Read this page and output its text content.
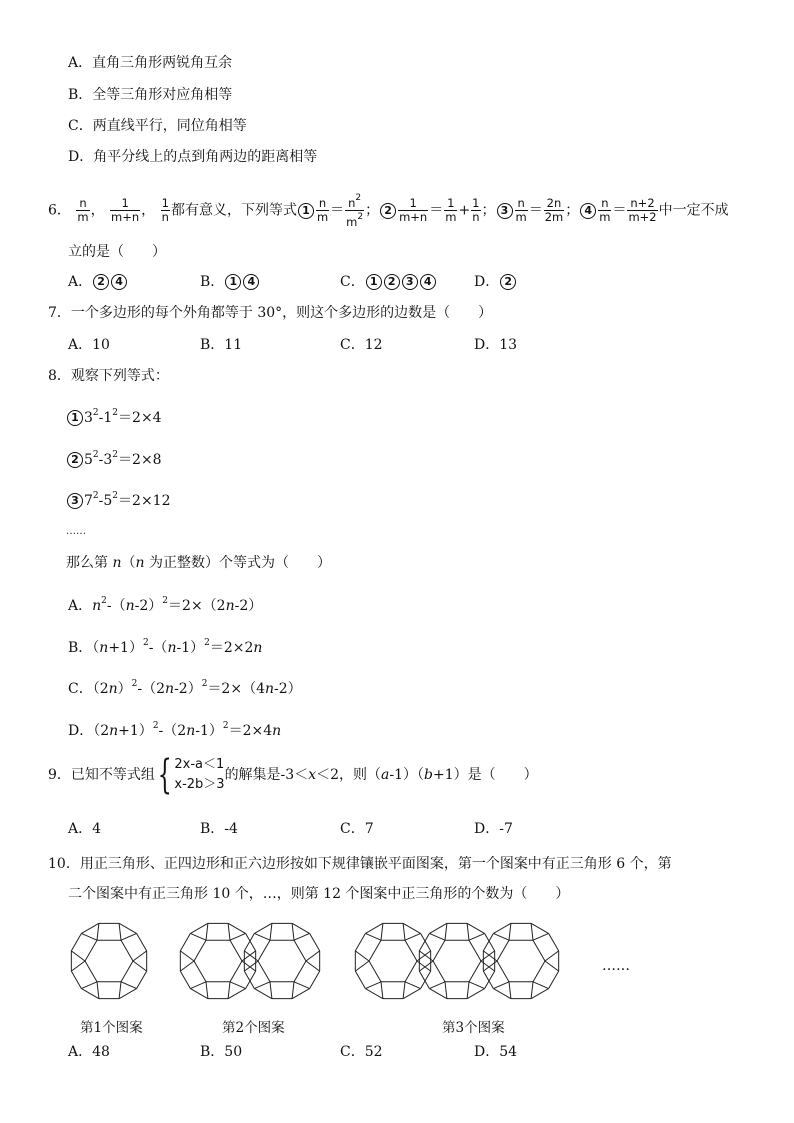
A．直角三角形两锐角互余
B．全等三角形对应角相等
C．两直线平行，同位角相等
D．角平分线上的点到角两边的距离相等
6． $\frac{n}{m}$ ， $\frac{1}{m+n}$ ， $\frac{1}{n}$ 都有意义，下列等式 $1 \frac{n}{m} = \frac{n^2}{m^2}$ ； $2 \frac{1}{m+n} = \frac{1}{m} + \frac{1}{n}$ ； $3 \frac{n}{m} = \frac{2n}{2m}$ ； $4 \frac{n}{m} = \frac{n+2}{m+2}$ 中一定不成
立的是（　　）
A． 2 4	B． 1 4	C． 1 2 3 4	D． 2
7．一个多边形的每个外角都等于 30°，则这个多边形的边数是（　　）
A．10	B．11	C．12	D．13
8．观察下列等式：
1 $3^2-1^2=2\times 4$
2 $5^2-3^2=2\times 8$
3 $7^2-5^2=2\times 12$
……
那么第 n（n 为正整数）个等式为（　　）
A．$n^2-(n-2)^2=2\times(2n-2)$
B．$(n+1)^2-(n-1)^2=2\times 2n$
C．$(2n)^2-(2n-2)^2=2\times(4n-2)$
D．$(2n+1)^2-(2n-1)^2=2\times 4n$
9．已知不等式组{ 2x-a＜1
x-2b＞3
的解集是-3＜x＜2，则（a-1）（b+1）是（　　）
A．4	B．-4	C．7	D．-7
10．用正三角形、正四边形和正六边形按如下规律镶嵌平面图案，第一个图案中有正三角形 6 个，第
二个图案中有正三角形 10 个，…，则第 12 个图案中正三角形的个数为（　　）
第1个图案	第2个图案	第3个图案
……
A．48	B．50	C．52	D．54
